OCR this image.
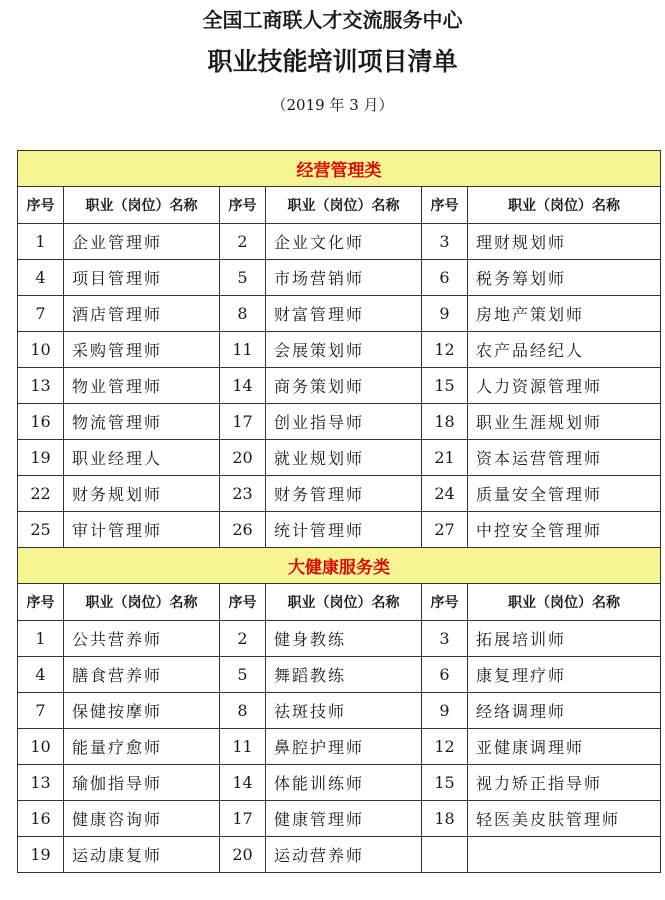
全国工商联人才交流服务中心
职业技能培训项目清单
（2019 年 3 月）
经营管理类					
序号	职业（岗位）名称	序号	职业（岗位）名称	序号	职业（岗位）名称
1	企业管理师	2	企业文化师	3	理财规划师
4	项目管理师	5	市场营销师	6	税务筹划师
7	酒店管理师	8	财富管理师	9	房地产策划师
10	采购管理师	11	会展策划师	12	农产品经纪人
13	物业管理师	14	商务策划师	15	人力资源管理师
16	物流管理师	17	创业指导师	18	职业生涯规划师
19	职业经理人	20	就业规划师	21	资本运营管理师
22	财务规划师	23	财务管理师	24	质量安全管理师
25	审计管理师	26	统计管理师	27	中控安全管理师
大健康服务类					
序号	职业（岗位）名称	序号	职业（岗位）名称	序号	职业（岗位）名称
1	公共营养师	2	健身教练	3	拓展培训师
4	膳食营养师	5	舞蹈教练	6	康复理疗师
7	保健按摩师	8	祛斑技师	9	经络调理师
10	能量疗愈师	11	鼻腔护理师	12	亚健康调理师
13	瑜伽指导师	14	体能训练师	15	视力矫正指导师
16	健康咨询师	17	健康管理师	18	轻医美皮肤管理师
19	运动康复师	20	运动营养师		
